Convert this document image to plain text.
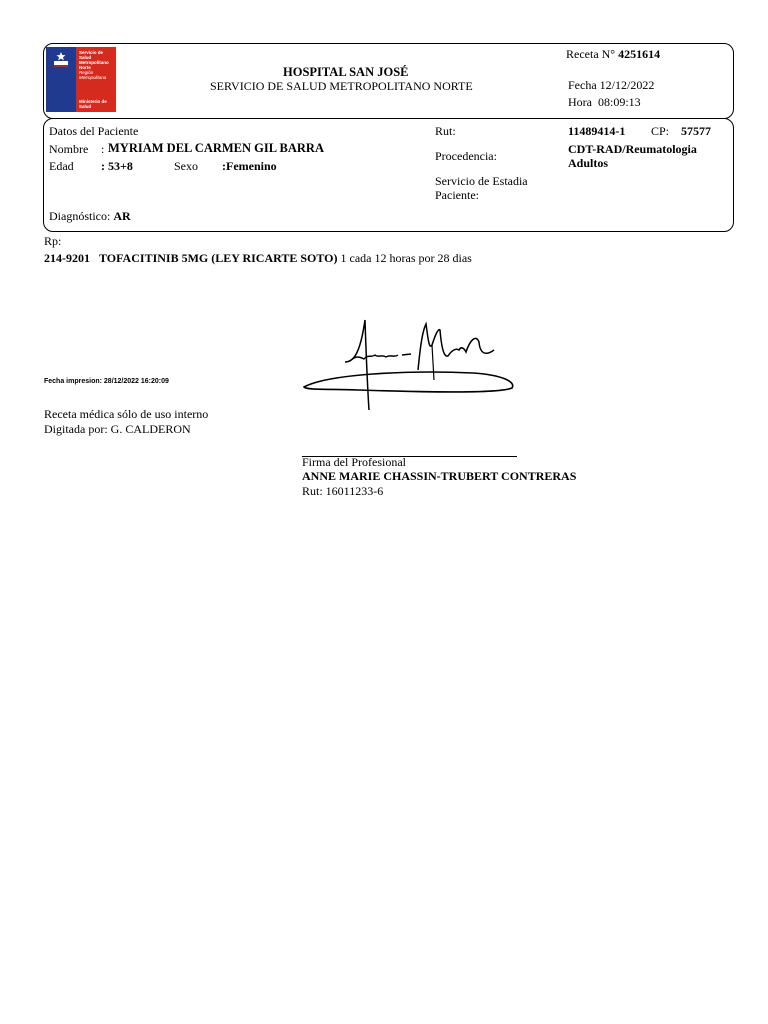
Servicio de
Salud
Metropolitano
Norte
Región Metropolitana
Ministerio de
Salud
HOSPITAL SAN JOSÉ
SERVICIO DE SALUD METROPOLITANO NORTE
Receta N° 4251614
Fecha 12/12/2022
Hora 08:09:13
Datos del Paciente
Nombre : MYRIAM DEL CARMEN GIL BARRA
Edad : 53+8	Sexo :Femenino
Rut:	11489414-1 CP: 57577
Procedencia:	CDT-RAD/Reumatologia
Adultos
Servicio de Estadia
Paciente:
Diagnóstico: AR
Rp:
214-9201 TOFACITINIB 5MG (LEY RICARTE SOTO) 1 cada 12 horas por 28 dias
Fecha impresion: 28/12/2022 16:20:09
Receta médica sólo de uso interno
Digitada por: G. CALDERON
Firma del Profesional
ANNE MARIE CHASSIN-TRUBERT CONTRERAS
Rut: 16011233-6
